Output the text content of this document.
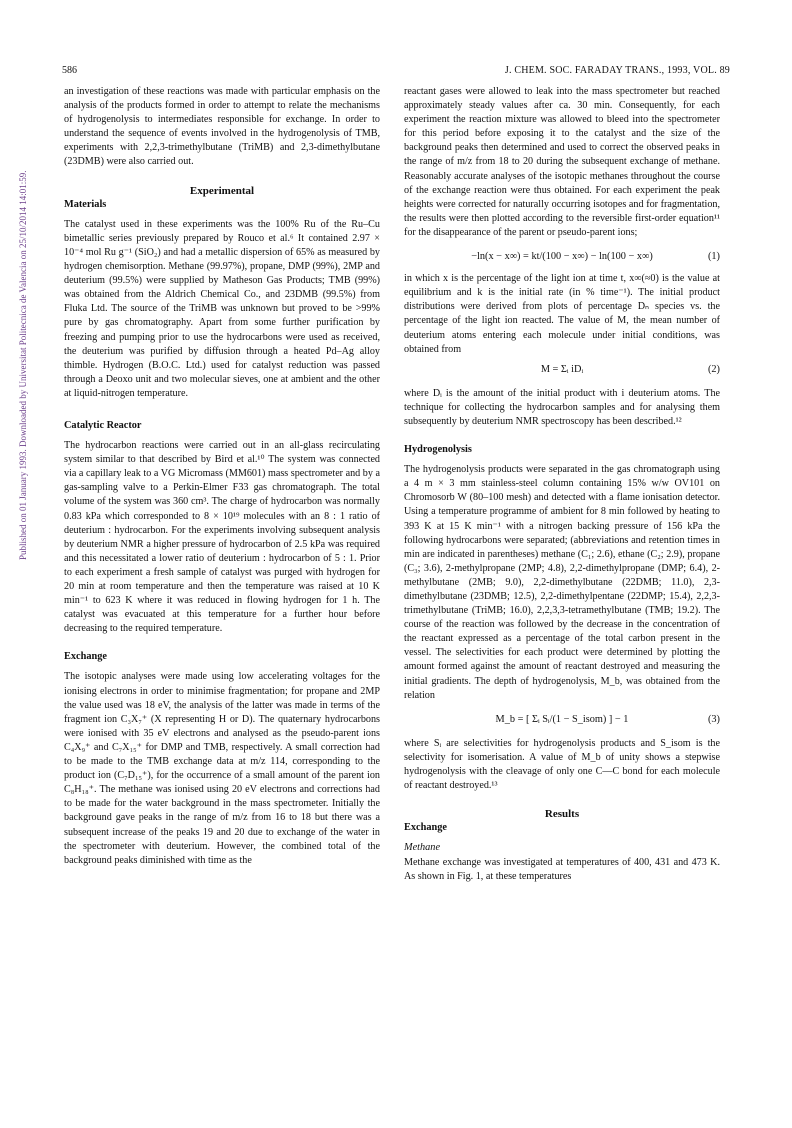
586	J. CHEM. SOC. FARADAY TRANS., 1993, VOL. 89
Published on 01 January 1993. Downloaded by Universitat Politecnica de Valencia on 25/10/2014 14:01:59.

an investigation of these reactions was made with particular emphasis on the analysis of the products formed in order to attempt to relate the mechanisms of hydrogenolysis to intermediates responsible for exchange. In order to understand the sequence of events involved in the hydrogenolysis of TMB, experiments with 2,2,3-trimethylbutane (TriMB) and 2,3-dimethylbutane (23DMB) were also carried out.

Experimental
Materials

The catalyst used in these experiments was the 100% Ru of the Ru–Cu bimetallic series previously prepared by Rouco et al.⁶ It contained 2.97 × 10⁻⁴ mol Ru g⁻¹ (SiO₂) and had a metallic dispersion of 65% as measured by hydrogen chemisorption. Methane (99.97%), propane, DMP (99%), 2MP and deuterium (99.5%) were supplied by Matheson Gas Products; TMB (99%) was obtained from the Aldrich Chemical Co., and 23DMB (99.5%) from Fluka Ltd. The source of the TriMB was unknown but proved to be >99% pure by gas chromatography. Apart from some further purification by freezing and pumping prior to use the hydrocarbons were used as received, the deuterium was purified by diffusion through a heated Pd–Ag alloy thimble. Hydrogen (B.O.C. Ltd.) used for catalyst reduction was passed through a Deoxo unit and two molecular sieves, one at ambient and the other at liquid-nitrogen temperature.

Catalytic Reactor

The hydrocarbon reactions were carried out in an all-glass recirculating system similar to that described by Bird et al.¹⁰ The system was connected via a capillary leak to a VG Micromass (MM601) mass spectrometer and by a gas-sampling valve to a Perkin-Elmer F33 gas chromatograph. The total volume of the system was 360 cm³. The charge of hydrocarbon was normally 0.83 kPa which corresponded to 8 × 10¹⁹ molecules with an 8 : 1 ratio of deuterium : hydrocarbon. For the experiments involving subsequent analysis by deuterium NMR a higher pressure of hydrocarbon of 2.5 kPa was required and this necessitated a lower ratio of deuterium : hydrocarbon of 5 : 1. Prior to each experiment a fresh sample of catalyst was purged with hydrogen for 20 min at room temperature and then the temperature was raised at 10 K min⁻¹ to 623 K where it was reduced in flowing hydrogen for 1 h. The catalyst was evacuated at this temperature for a further hour before decreasing to the required temperature.

Exchange

The isotopic analyses were made using low accelerating voltages for the ionising electrons in order to minimise fragmentation; for propane and 2MP the value used was 18 eV, the analysis of the latter was made in terms of the fragment ion C₃X₇⁺ (X representing H or D). The quaternary hydrocarbons were ionised with 35 eV electrons and analysed as the pseudo-parent ions C₄X₉⁺ and C₇X₁₅⁺ for DMP and TMB, respectively. A small correction had to be made to the TMB exchange data at m/z 114, corresponding to the product ion (C₇D₁₅⁺), for the occurrence of a small amount of the parent ion C₈H₁₈⁺. The methane was ionised using 20 eV electrons and corrections had to be made for the water background in the mass spectrometer. Initially the background gave peaks in the range of m/z from 16 to 18 but there was a subsequent increase of the peaks 19 and 20 due to exchange of the water in the spectrometer with deuterium. However, the combined total of the background peaks diminished with time as the

reactant gases were allowed to leak into the mass spectrometer but reached approximately steady values after ca. 30 min. Consequently, for each experiment the reaction mixture was allowed to bleed into the spectrometer for this period before exposing it to the catalyst and the size of the background peaks then determined and used to correct the observed peaks in the range of m/z from 18 to 20 during the subsequent exchange of methane. Reasonably accurate analyses of the isotopic methanes throughout the course of the exchange reaction were thus obtained. For each experiment the peak heights were corrected for naturally occurring isotopes and for fragmentation, the results were then plotted according to the reversible first-order equation¹¹ for the disappearance of the parent or pseudo-parent ions;

−ln(x − x∞) = kt/(100 − x∞) − ln(100 − x∞)	(1)

in which x is the percentage of the light ion at time t, x∞(≈0) is the value at equilibrium and k is the initial rate (in % time⁻¹). The initial product distributions were derived from plots of percentage Dₙ species vs. the percentage of the light ion reacted. The value of M, the mean number of deuterium atoms entering each molecule under initial conditions, was obtained from

M = Σᵢ iDᵢ	(2)

where Dᵢ is the amount of the initial product with i deuterium atoms. The technique for collecting the hydrocarbon samples and for analysing them subsequently by deuterium NMR spectroscopy has been described.¹²

Hydrogenolysis

The hydrogenolysis products were separated in the gas chromatograph using a 4 m × 3 mm stainless-steel column containing 15% w/w OV101 on Chromosorb W (80–100 mesh) and detected with a flame ionisation detector. Using a temperature programme of ambient for 8 min followed by heating to 393 K at 15 K min⁻¹ with a nitrogen backing pressure of 156 kPa the following hydrocarbons were separated; (abbreviations and retention times in min are indicated in parentheses) methane (C₁; 2.6), ethane (C₂; 2.9), propane (C₃; 3.6), 2-methylpropane (2MP; 4.8), 2,2-dimethylpropane (DMP; 6.4), 2-methylbutane (2MB; 9.0), 2,2-dimethylbutane (22DMB; 11.0), 2,3-dimethylbutane (23DMB; 12.5), 2,2-dimethylpentane (22DMP; 15.4), 2,2,3-trimethylbutane (TriMB; 16.0), 2,2,3,3-tetramethylbutane (TMB; 19.2). The course of the reaction was followed by the decrease in the concentration of the reactant expressed as a percentage of the total carbon present in the vessel. The selectivities for each product were determined by plotting the amount formed against the amount of reactant destroyed and measuring the initial gradients. The depth of hydrogenolysis, M_b, was obtained from the relation

M_b = [ Σᵢ Sᵢ/(1 − S_isom) ] − 1	(3)

where Sᵢ are selectivities for hydrogenolysis products and S_isom is the selectivity for isomerisation. A value of M_b of unity shows a stepwise hydrogenolysis with the cleavage of only one C—C bond for each molecule of reactant destroyed.¹³

Results
Exchange
Methane

Methane exchange was investigated at temperatures of 400, 431 and 473 K. As shown in Fig. 1, at these temperatures
